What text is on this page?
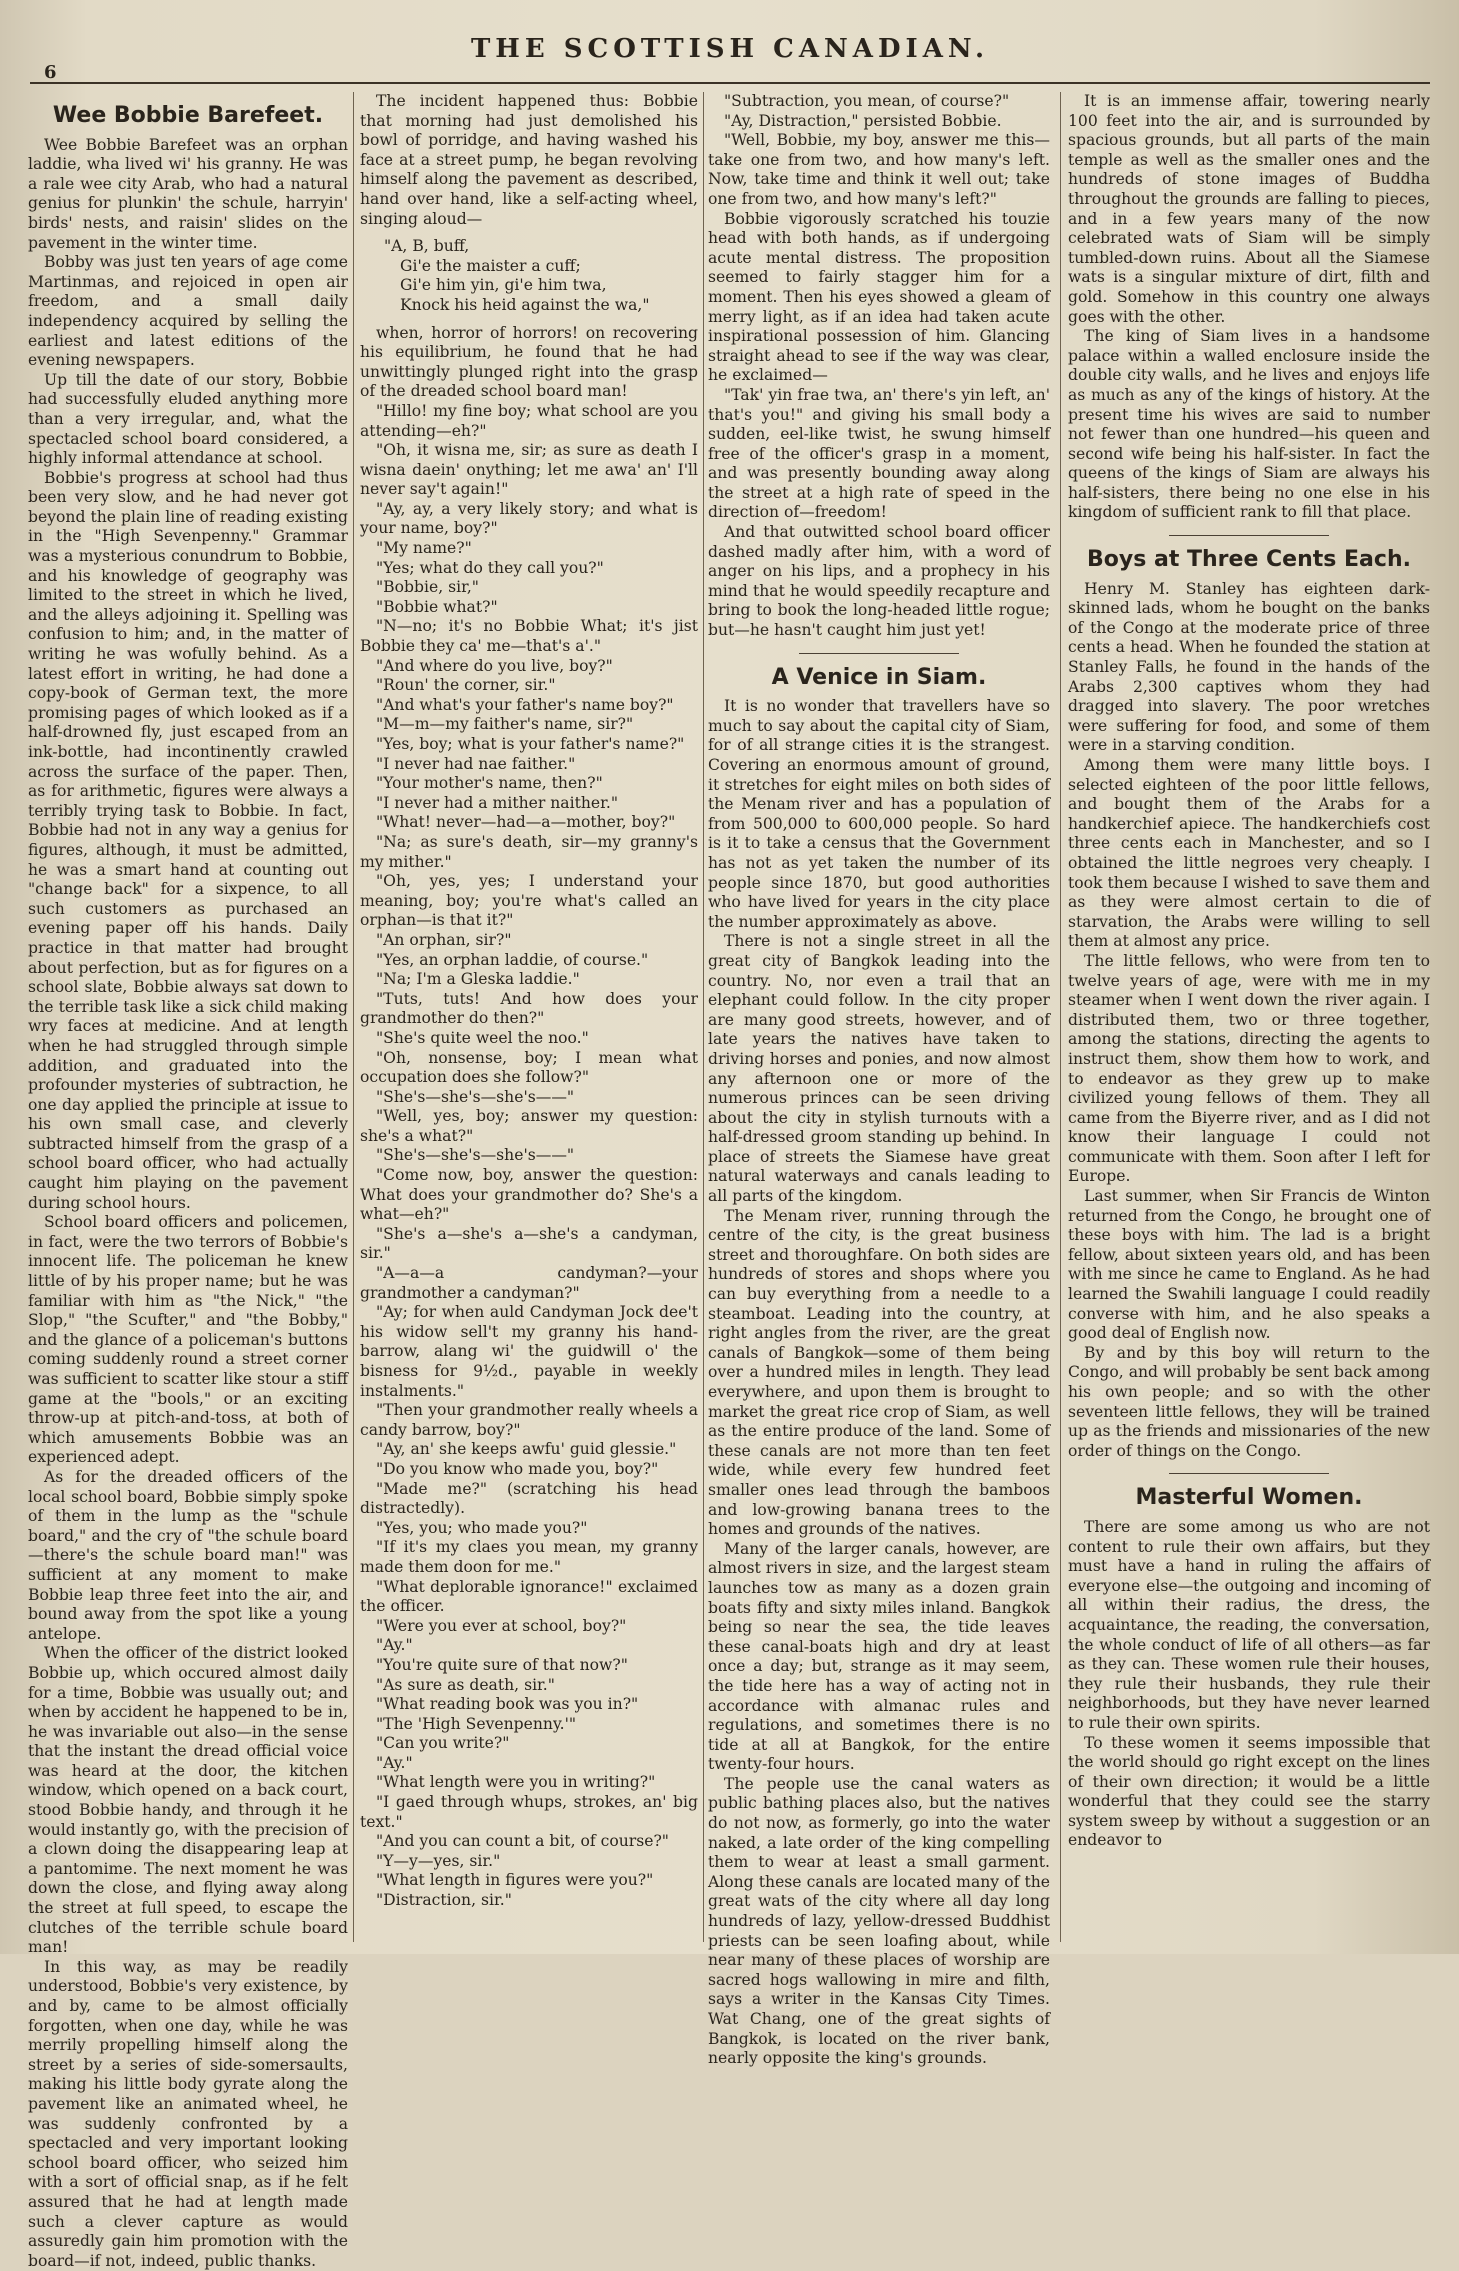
6
THE SCOTTISH CANADIAN.
Wee Bobbie Barefeet.

Wee Bobbie Barefeet was an orphan laddie, wha lived wi' his granny. He was a rale wee city Arab, who had a natural genius for plunkin' the schule, harryin' birds' nests, and raisin' slides on the pavement in the winter time.

Bobby was just ten years of age come Martinmas, and rejoiced in open air freedom, and a small daily independency acquired by selling the earliest and latest editions of the evening newspapers.

Up till the date of our story, Bobbie had successfully eluded anything more than a very irregular, and, what the spectacled school board considered, a highly informal attendance at school.

Bobbie's progress at school had thus been very slow, and he had never got beyond the plain line of reading existing in the "High Sevenpenny." Grammar was a mysterious conundrum to Bobbie, and his knowledge of geography was limited to the street in which he lived, and the alleys adjoining it. Spelling was confusion to him; and, in the matter of writing he was wofully behind. As a latest effort in writing, he had done a copy-book of German text, the more promising pages of which looked as if a half-drowned fly, just escaped from an ink-bottle, had incontinently crawled across the surface of the paper. Then, as for arithmetic, figures were always a terribly trying task to Bobbie. In fact, Bobbie had not in any way a genius for figures, although, it must be admitted, he was a smart hand at counting out "change back" for a sixpence, to all such customers as purchased an evening paper off his hands. Daily practice in that matter had brought about perfection, but as for figures on a school slate, Bobbie always sat down to the terrible task like a sick child making wry faces at medicine. And at length when he had struggled through simple addition, and graduated into the profounder mysteries of subtraction, he one day applied the principle at issue to his own small case, and cleverly subtracted himself from the grasp of a school board officer, who had actually caught him playing on the pavement during school hours.

School board officers and policemen, in fact, were the two terrors of Bobbie's innocent life. The policeman he knew little of by his proper name; but he was familiar with him as "the Nick," "the Slop," "the Scufter," and "the Bobby," and the glance of a policeman's buttons coming suddenly round a street corner was sufficient to scatter like stour a stiff game at the "bools," or an exciting throw-up at pitch-and-toss, at both of which amusements Bobbie was an experienced adept.

As for the dreaded officers of the local school board, Bobbie simply spoke of them in the lump as the "schule board," and the cry of "the schule board—there's the schule board man!" was sufficient at any moment to make Bobbie leap three feet into the air, and bound away from the spot like a young antelope.

When the officer of the district looked Bobbie up, which occured almost daily for a time, Bobbie was usually out; and when by accident he happened to be in, he was invariable out also—in the sense that the instant the dread official voice was heard at the door, the kitchen window, which opened on a back court, stood Bobbie handy, and through it he would instantly go, with the precision of a clown doing the disappearing leap at a pantomime. The next moment he was down the close, and flying away along the street at full speed, to escape the clutches of the terrible schule board man!

In this way, as may be readily understood, Bobbie's very existence, by and by, came to be almost officially forgotten, when one day, while he was merrily propelling himself along the street by a series of side-somersaults, making his little body gyrate along the pavement like an animated wheel, he was suddenly confronted by a spectacled and very important looking school board officer, who seized him with a sort of official snap, as if he felt assured that he had at length made such a clever capture as would assuredly gain him promotion with the board—if not, indeed, public thanks.

The incident happened thus: Bobbie that morning had just demolished his bowl of porridge, and having washed his face at a street pump, he began revolving himself along the pavement as described, hand over hand, like a self-acting wheel, singing aloud—

"A, B, buff,
Gi'e the maister a cuff;
Gi'e him yin, gi'e him twa,
Knock his heid against the wa,"

when, horror of horrors! on recovering his equilibrium, he found that he had unwittingly plunged right into the grasp of the dreaded school board man!

"Hillo! my fine boy; what school are you attending—eh?"

"Oh, it wisna me, sir; as sure as death I wisna daein' onything; let me awa' an' I'll never say't again!"

"Ay, ay, a very likely story; and what is your name, boy?"

"My name?"

"Yes; what do they call you?"

"Bobbie, sir,"

"Bobbie what?"

"N—no; it's no Bobbie What; it's jist Bobbie they ca' me—that's a'."

"And where do you live, boy?"

"Roun' the corner, sir."

"And what's your father's name boy?"

"M—m—my faither's name, sir?"

"Yes, boy; what is your father's name?"

"I never had nae faither."

"Your mother's name, then?"

"I never had a mither naither."

"What! never—had—a—mother, boy?"

"Na; as sure's death, sir—my granny's my mither."

"Oh, yes, yes; I understand your meaning, boy; you're what's called an orphan—is that it?"

"An orphan, sir?"

"Yes, an orphan laddie, of course."

"Na; I'm a Gleska laddie."

"Tuts, tuts! And how does your grandmother do then?"

"She's quite weel the noo."

"Oh, nonsense, boy; I mean what occupation does she follow?"

"She's—she's—she's——"

"Well, yes, boy; answer my question: she's a what?"

"She's—she's—she's——"

"Come now, boy, answer the question: What does your grandmother do? She's a what—eh?"

"She's a—she's a—she's a candyman, sir."

"A—a—a candyman?—your grandmother a candyman?"

"Ay; for when auld Candyman Jock dee't his widow sell't my granny his hand-barrow, alang wi' the guidwill o' the bisness for 9½d., payable in weekly instalments."

"Then your grandmother really wheels a candy barrow, boy?"

"Ay, an' she keeps awfu' guid glessie."

"Do you know who made you, boy?"

"Made me?" (scratching his head distractedly).

"Yes, you; who made you?"

"If it's my claes you mean, my granny made them doon for me."

"What deplorable ignorance!" exclaimed the officer.

"Were you ever at school, boy?"

"Ay."

"You're quite sure of that now?"

"As sure as death, sir."

"What reading book was you in?"

"The 'High Sevenpenny.'"

"Can you write?"

"Ay."

"What length were you in writing?"

"I gaed through whups, strokes, an' big text."

"And you can count a bit, of course?"

"Y—y—yes, sir."

"What length in figures were you?"

"Distraction, sir."

"Subtraction, you mean, of course?"

"Ay, Distraction," persisted Bobbie.

"Well, Bobbie, my boy, answer me this—take one from two, and how many's left. Now, take time and think it well out; take one from two, and how many's left?"

Bobbie vigorously scratched his touzie head with both hands, as if undergoing acute mental distress. The proposition seemed to fairly stagger him for a moment. Then his eyes showed a gleam of merry light, as if an idea had taken acute inspirational possession of him. Glancing straight ahead to see if the way was clear, he exclaimed—

"Tak' yin frae twa, an' there's yin left, an' that's you!" and giving his small body a sudden, eel-like twist, he swung himself free of the officer's grasp in a moment, and was presently bounding away along the street at a high rate of speed in the direction of—freedom!

And that outwitted school board officer dashed madly after him, with a word of anger on his lips, and a prophecy in his mind that he would speedily recapture and bring to book the long-headed little rogue; but—he hasn't caught him just yet!

A Venice in Siam.

It is no wonder that travellers have so much to say about the capital city of Siam, for of all strange cities it is the strangest. Covering an enormous amount of ground, it stretches for eight miles on both sides of the Menam river and has a population of from 500,000 to 600,000 people. So hard is it to take a census that the Government has not as yet taken the number of its people since 1870, but good authorities who have lived for years in the city place the number approximately as above.

There is not a single street in all the great city of Bangkok leading into the country. No, nor even a trail that an elephant could follow. In the city proper are many good streets, however, and of late years the natives have taken to driving horses and ponies, and now almost any afternoon one or more of the numerous princes can be seen driving about the city in stylish turnouts with a half-dressed groom standing up behind. In place of streets the Siamese have great natural waterways and canals leading to all parts of the kingdom.

The Menam river, running through the centre of the city, is the great business street and thoroughfare. On both sides are hundreds of stores and shops where you can buy everything from a needle to a steamboat. Leading into the country, at right angles from the river, are the great canals of Bangkok—some of them being over a hundred miles in length. They lead everywhere, and upon them is brought to market the great rice crop of Siam, as well as the entire produce of the land. Some of these canals are not more than ten feet wide, while every few hundred feet smaller ones lead through the bamboos and low-growing banana trees to the homes and grounds of the natives.

Many of the larger canals, however, are almost rivers in size, and the largest steam launches tow as many as a dozen grain boats fifty and sixty miles inland. Bangkok being so near the sea, the tide leaves these canal-boats high and dry at least once a day; but, strange as it may seem, the tide here has a way of acting not in accordance with almanac rules and regulations, and sometimes there is no tide at all at Bangkok, for the entire twenty-four hours.

The people use the canal waters as public bathing places also, but the natives do not now, as formerly, go into the water naked, a late order of the king compelling them to wear at least a small garment. Along these canals are located many of the great wats of the city where all day long hundreds of lazy, yellow-dressed Buddhist priests can be seen loafing about, while near many of these places of worship are sacred hogs wallowing in mire and filth, says a writer in the Kansas City Times. Wat Chang, one of the great sights of Bangkok, is located on the river bank, nearly opposite the king's grounds.

It is an immense affair, towering nearly 100 feet into the air, and is surrounded by spacious grounds, but all parts of the main temple as well as the smaller ones and the hundreds of stone images of Buddha throughout the grounds are falling to pieces, and in a few years many of the now celebrated wats of Siam will be simply tumbled-down ruins. About all the Siamese wats is a singular mixture of dirt, filth and gold. Somehow in this country one always goes with the other.

The king of Siam lives in a handsome palace within a walled enclosure inside the double city walls, and he lives and enjoys life as much as any of the kings of history. At the present time his wives are said to number not fewer than one hundred—his queen and second wife being his half-sister. In fact the queens of the kings of Siam are always his half-sisters, there being no one else in his kingdom of sufficient rank to fill that place.

Boys at Three Cents Each.

Henry M. Stanley has eighteen dark-skinned lads, whom he bought on the banks of the Congo at the moderate price of three cents a head. When he founded the station at Stanley Falls, he found in the hands of the Arabs 2,300 captives whom they had dragged into slavery. The poor wretches were suffering for food, and some of them were in a starving condition.

Among them were many little boys. I selected eighteen of the poor little fellows, and bought them of the Arabs for a handkerchief apiece. The handkerchiefs cost three cents each in Manchester, and so I obtained the little negroes very cheaply. I took them because I wished to save them and as they were almost certain to die of starvation, the Arabs were willing to sell them at almost any price.

The little fellows, who were from ten to twelve years of age, were with me in my steamer when I went down the river again. I distributed them, two or three together, among the stations, directing the agents to instruct them, show them how to work, and to endeavor as they grew up to make civilized young fellows of them. They all came from the Biyerre river, and as I did not know their language I could not communicate with them. Soon after I left for Europe.

Last summer, when Sir Francis de Winton returned from the Congo, he brought one of these boys with him. The lad is a bright fellow, about sixteen years old, and has been with me since he came to England. As he had learned the Swahili language I could readily converse with him, and he also speaks a good deal of English now.

By and by this boy will return to the Congo, and will probably be sent back among his own people; and so with the other seventeen little fellows, they will be trained up as the friends and missionaries of the new order of things on the Congo.

Masterful Women.

There are some among us who are not content to rule their own affairs, but they must have a hand in ruling the affairs of everyone else—the outgoing and incoming of all within their radius, the dress, the acquaintance, the reading, the conversation, the whole conduct of life of all others—as far as they can. These women rule their houses, they rule their husbands, they rule their neighborhoods, but they have never learned to rule their own spirits.

To these women it seems impossible that the world should go right except on the lines of their own direction; it would be a little wonderful that they could see the starry system sweep by without a suggestion or an endeavor to
